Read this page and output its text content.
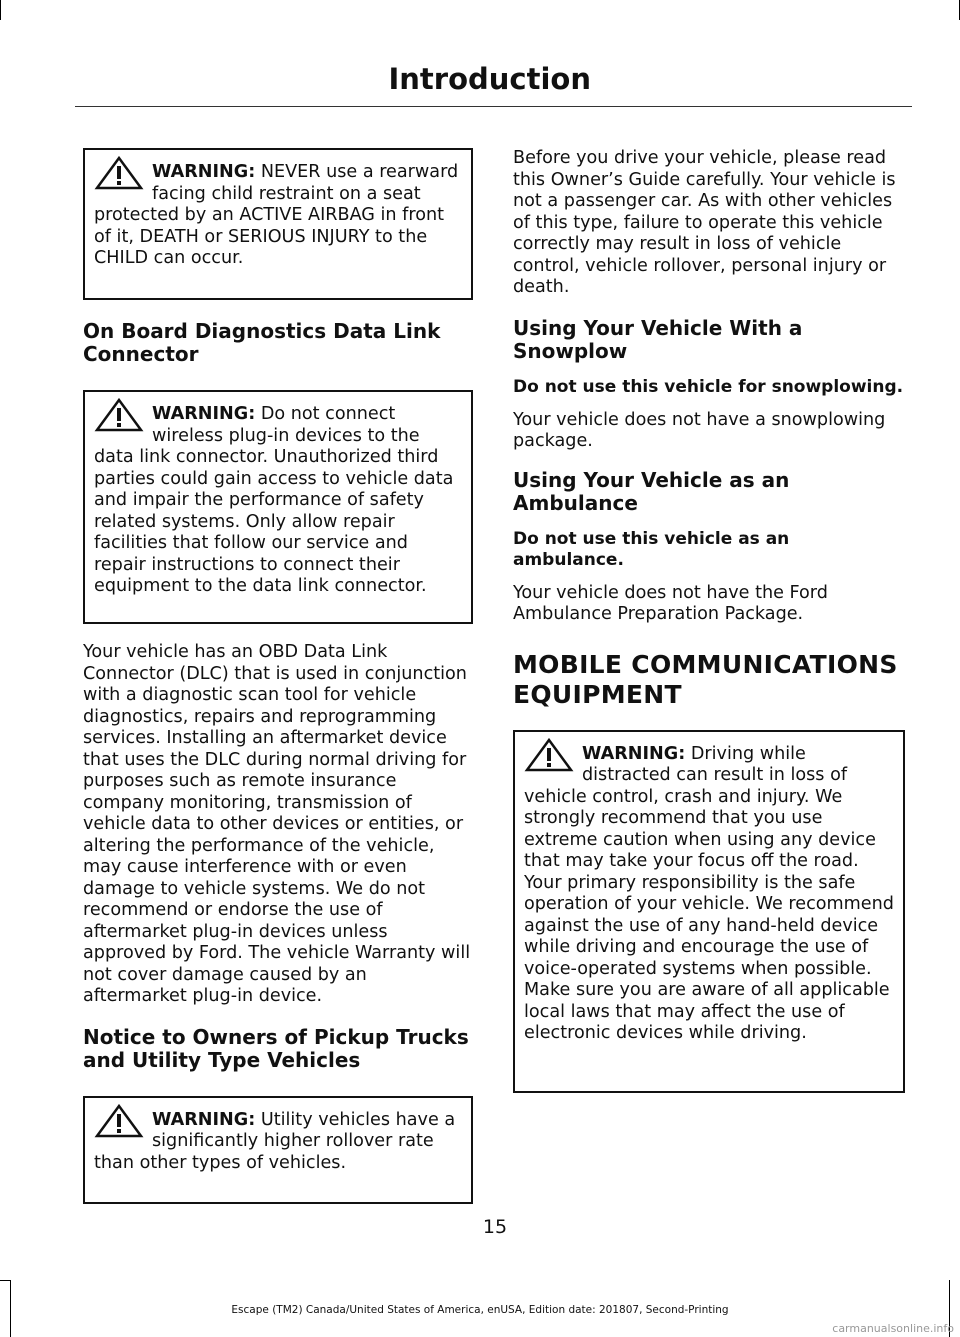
Introduction

WARNING: NEVER use a rearward facing child restraint on a seat protected by an ACTIVE AIRBAG in front of it, DEATH or SERIOUS INJURY to the CHILD can occur.

On Board Diagnostics Data Link Connector

WARNING: Do not connect wireless plug-in devices to the data link connector. Unauthorized third parties could gain access to vehicle data and impair the performance of safety related systems. Only allow repair facilities that follow our service and repair instructions to connect their equipment to the data link connector.

Your vehicle has an OBD Data Link Connector (DLC) that is used in conjunction with a diagnostic scan tool for vehicle diagnostics, repairs and reprogramming services. Installing an aftermarket device that uses the DLC during normal driving for purposes such as remote insurance company monitoring, transmission of vehicle data to other devices or entities, or altering the performance of the vehicle, may cause interference with or even damage to vehicle systems. We do not recommend or endorse the use of aftermarket plug-in devices unless approved by Ford. The vehicle Warranty will not cover damage caused by an aftermarket plug-in device.

Notice to Owners of Pickup Trucks and Utility Type Vehicles

WARNING: Utility vehicles have a significantly higher rollover rate than other types of vehicles.

Before you drive your vehicle, please read this Owner’s Guide carefully. Your vehicle is not a passenger car. As with other vehicles of this type, failure to operate this vehicle correctly may result in loss of vehicle control, vehicle rollover, personal injury or death.

Using Your Vehicle With a Snowplow
Do not use this vehicle for snowplowing.

Your vehicle does not have a snowplowing package.

Using Your Vehicle as an Ambulance
Do not use this vehicle as an ambulance.

Your vehicle does not have the Ford Ambulance Preparation Package.

MOBILE COMMUNICATIONS
EQUIPMENT

WARNING: Driving while distracted can result in loss of vehicle control, crash and injury. We strongly recommend that you use extreme caution when using any device that may take your focus off the road. Your primary responsibility is the safe operation of your vehicle. We recommend against the use of any hand-held device while driving and encourage the use of voice-operated systems when possible. Make sure you are aware of all applicable local laws that may affect the use of electronic devices while driving.

15
Escape (TM2) Canada/United States of America, enUSA, Edition date: 201807, Second-Printing
carmanualsonline.info
